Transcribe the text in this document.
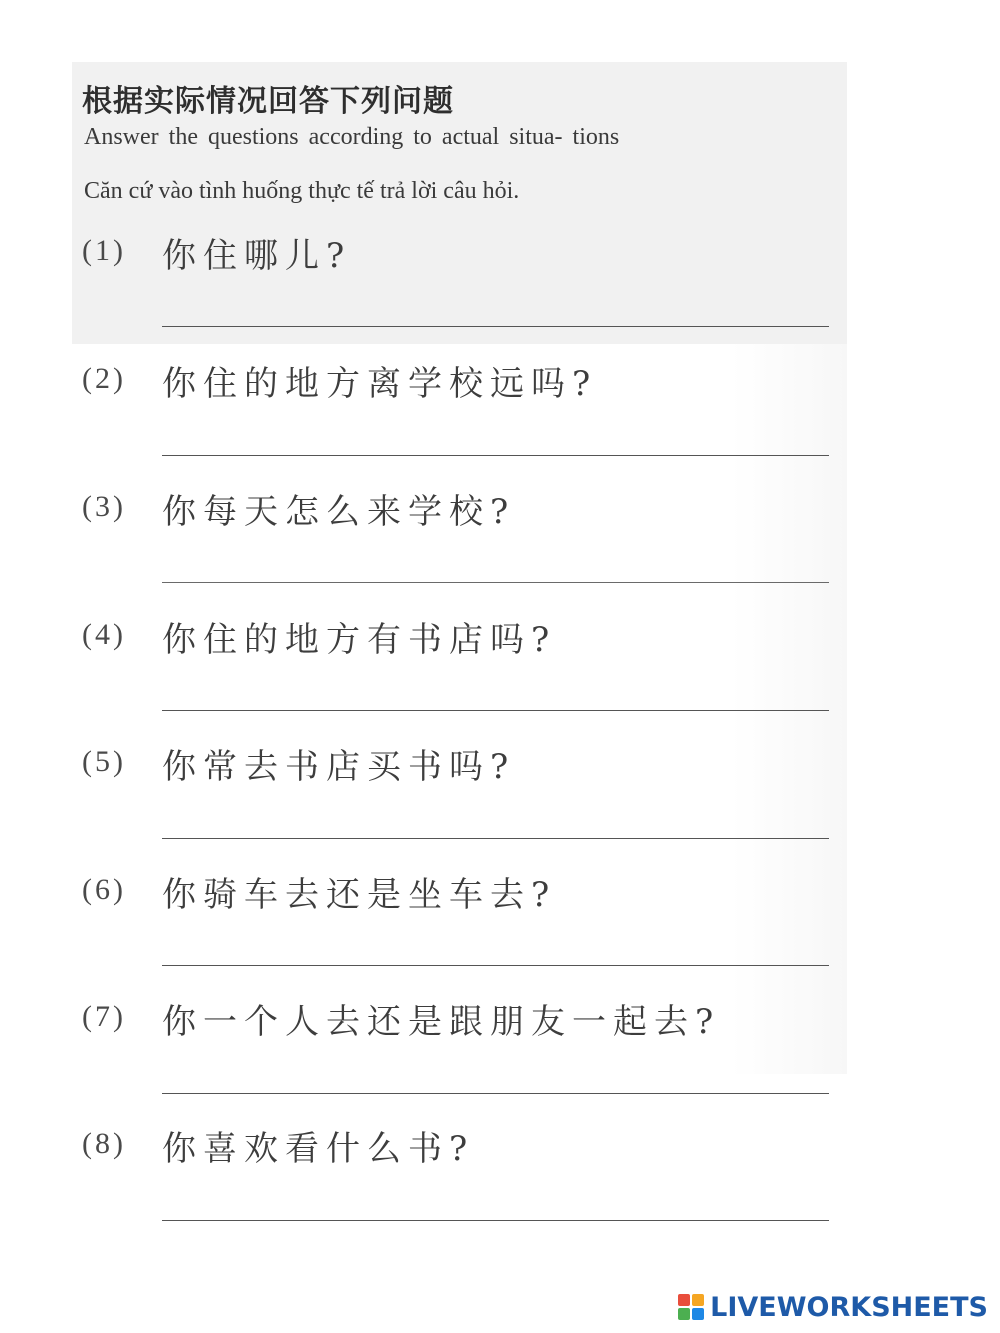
根据实际情况回答下列问题
Answer the questions according to actual situa- tions
Căn cứ vào tình huống thực tế trả lời câu hỏi.
(1) 你住哪儿?
(2) 你住的地方离学校远吗?
(3) 你每天怎么来学校?
(4) 你住的地方有书店吗?
(5) 你常去书店买书吗?
(6) 你骑车去还是坐车去?
(7) 你一个人去还是跟朋友一起去?
(8) 你喜欢看什么书?
LIVEWORKSHEETS
